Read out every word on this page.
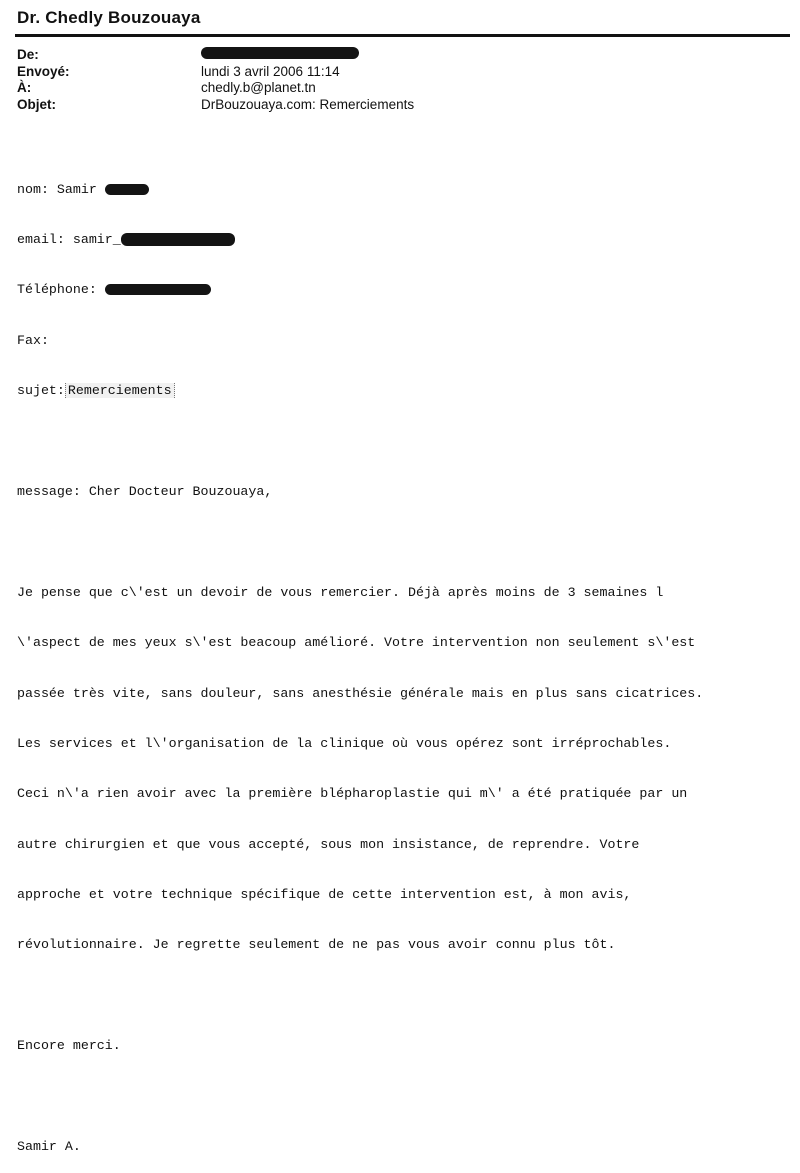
Dr. Chedly Bouzouaya
De:
Envoyé:	lundi 3 avril 2006 11:14
À:	chedly.b@planet.tn
Objet:	DrBouzouaya.com: Remerciements

nom: Samir

email: samir_

Téléphone:

Fax:

sujet: Remerciements

message: Cher Docteur Bouzouaya,

Je pense que c\'est un devoir de vous remercier. Déjà après moins de 3 semaines l

\'aspect de mes yeux s\'est beacoup amélioré. Votre intervention non seulement s\'est

passée très vite, sans douleur, sans anesthésie générale mais en plus sans cicatrices.

Les services et l\'organisation de la clinique où vous opérez sont irréprochables.

Ceci n\'a rien avoir avec la première blépharoplastie qui m\' a été pratiquée par un

autre chirurgien et que vous accepté, sous mon insistance, de reprendre. Votre

approche et votre technique spécifique de cette intervention est, à mon avis,

révolutionnaire. Je regrette seulement de ne pas vous avoir connu plus tôt.

Encore merci.

Samir A.
